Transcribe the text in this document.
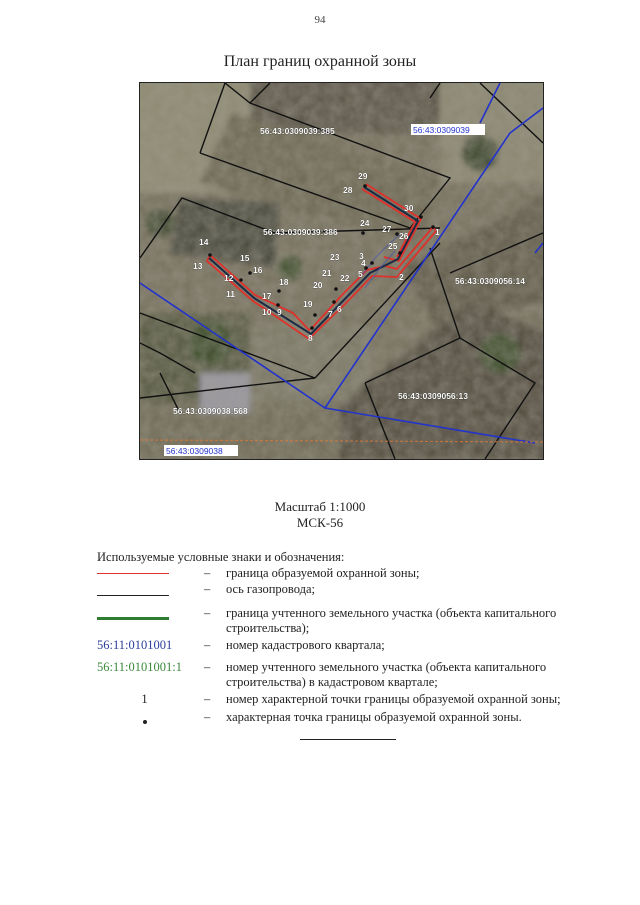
94
План границ охранной зоны
1
2
3
4
5
6
7
8
9
10
11
12
13
14
15
16
17
18
19
20
21 22
23
24
25
26
27
28
29
30
56:43:0309039:385
56:43:0309039:386
56:43:0309056:14
56:43:0309056:13
56:43:0309038:568
56:43:0309039
56:43:0309038
Масштаб 1:1000
МСК-56
Используемые условные знаки и обозначения:
– граница образуемой охранной зоны;
– ось газопровода;
– граница учтенного земельного участка (объекта капитального строительства);
56:11:0101001	– номер кадастрового квартала;
56:11:0101001:1	– номер учтенного земельного участка (объекта капитального строительства) в кадастровом квартале;
1	– номер характерной точки границы образуемой охранной зоны;
– характерная точка границы образуемой охранной зоны.
